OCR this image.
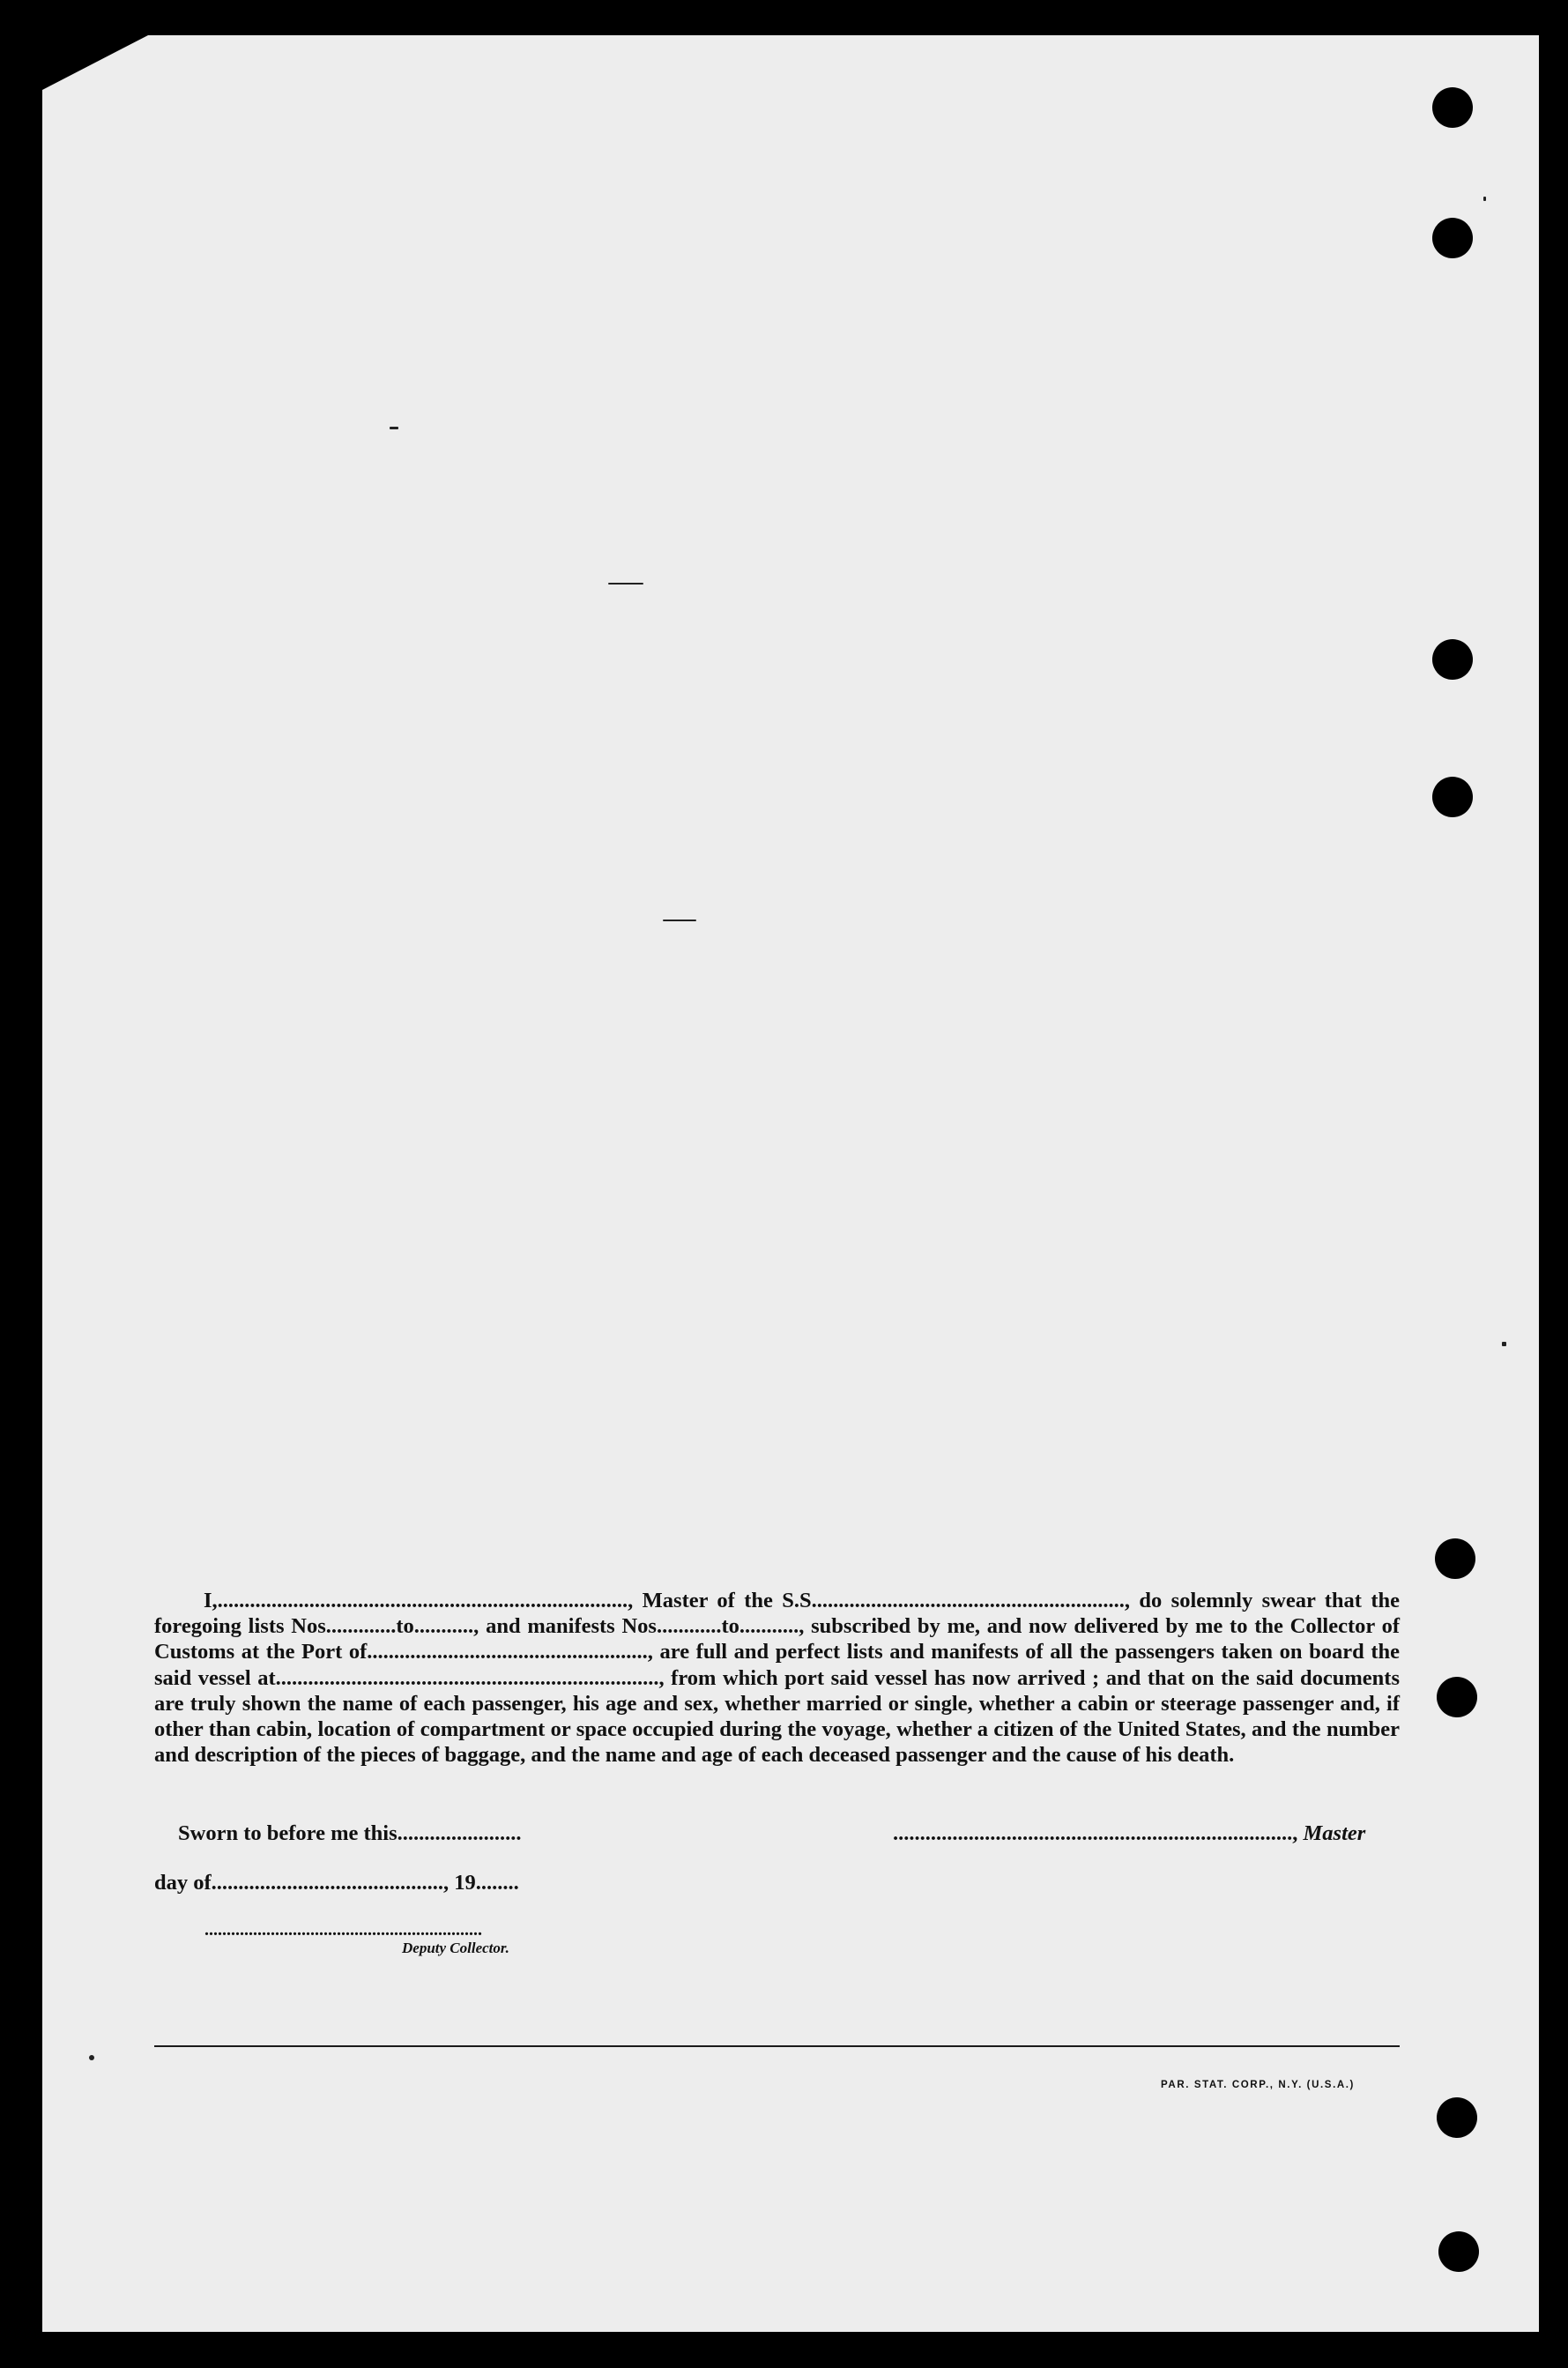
I,............................................................................, Master of the S.S.........................................................., do solemnly swear that the foregoing lists Nos.............to..........., and manifests Nos............to..........., subscribed by me, and now delivered by me to the Collector of Customs at the Port of...................................................., are full and perfect lists and manifests of all the passengers taken on board the said vessel at......................................................................., from which port said vessel has now arrived ; and that on the said documents are truly shown the name of each passenger, his age and sex, whether married or single, whether a cabin or steerage passenger and, if other than cabin, location of compartment or space occupied during the voyage, whether a citizen of the United States, and the number and description of the pieces of baggage, and the name and age of each deceased passenger and the cause of his death.

Sworn to before me this.......................	.........................................................................., Master
day of..........................................., 19........
...............................................................
Deputy Collector.
PAR. STAT. CORP., N.Y. (U.S.A.)
